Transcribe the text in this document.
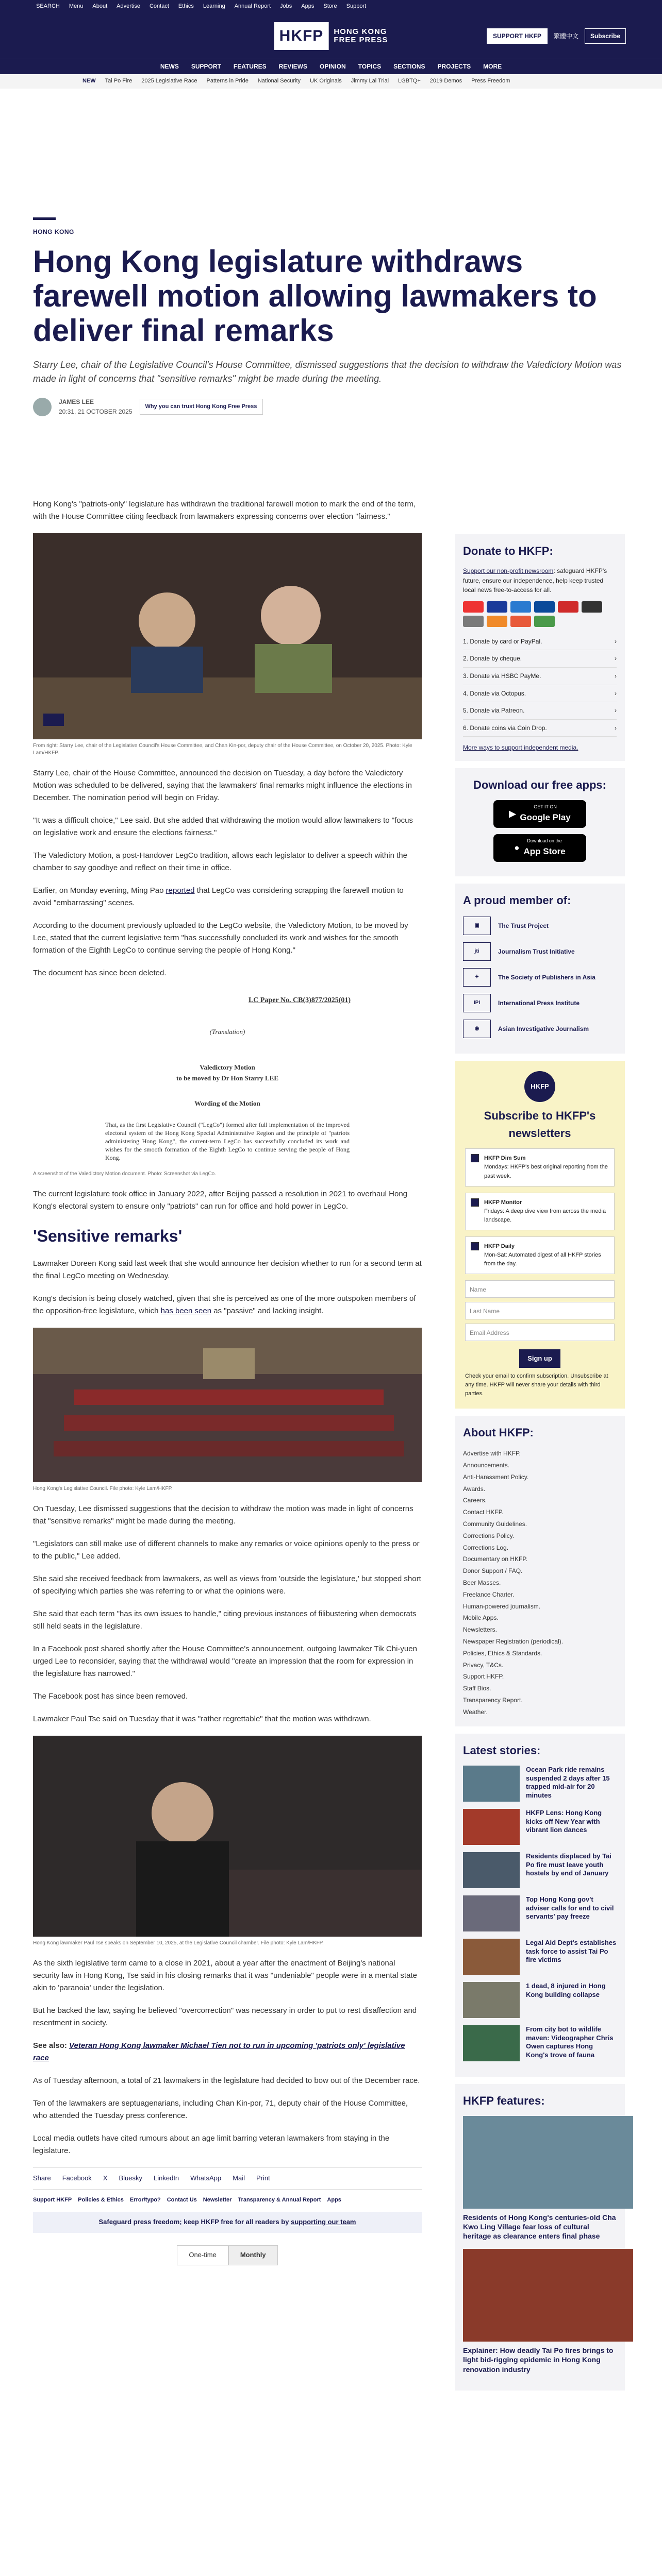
SEARCH Menu About Advertise Contact Ethics Learning Annual Report Jobs Apps Store Support
HKFP	HONG KONG
FREE PRESS	SUPPORT HKFP	繁體中文	Subscribe
NEWS SUPPORT FEATURES REVIEWS OPINION TOPICS SECTIONS PROJECTS MORE
NEW Tai Po Fire 2025 Legislative Race Patterns in Pride National Security UK Originals Jimmy Lai Trial LGBTQ+ 2019 Demos Press Freedom
HONG KONG
Hong Kong legislature withdraws farewell motion allowing lawmakers to deliver final remarks

Starry Lee, chair of the Legislative Council's House Committee, dismissed suggestions that the decision to withdraw the Valedictory Motion was made in light of concerns that "sensitive remarks" might be made during the meeting.

JAMES LEE
20:31, 21 OCTOBER 2025
Why you can trust Hong Kong Free Press

Hong Kong's "patriots-only" legislature has withdrawn the traditional farewell motion to mark the end of the term, with the House Committee citing feedback from lawmakers expressing concerns over election "fairness."

From right: Starry Lee, chair of the Legislative Council's House Committee, and Chan Kin-por, deputy chair of the House Committee, on October 20, 2025. Photo: Kyle Lam/HKFP.

Starry Lee, chair of the House Committee, announced the decision on Tuesday, a day before the Valedictory Motion was scheduled to be delivered, saying that the lawmakers' final remarks might influence the elections in December. The nomination period will begin on Friday.

"It was a difficult choice," Lee said. But she added that withdrawing the motion would allow lawmakers to "focus on legislative work and ensure the elections fairness."

The Valedictory Motion, a post-Handover LegCo tradition, allows each legislator to deliver a speech within the chamber to say goodbye and reflect on their time in office.

Earlier, on Monday evening, Ming Pao reported that LegCo was considering scrapping the farewell motion to avoid "embarrassing" scenes.

According to the document previously uploaded to the LegCo website, the Valedictory Motion, to be moved by Lee, stated that the current legislative term "has successfully concluded its work and wishes for the smooth formation of the Eighth LegCo to continue serving the people of Hong Kong."

The document has since been deleted.

LC Paper No. CB(3)877/2025(01)
(Translation)
Valedictory Motion
to be moved by Dr Hon Starry LEE
Wording of the Motion
That, as the first Legislative Council ("LegCo") formed after full implementation of the improved electoral system of the Hong Kong Special Administrative Region and the principle of "patriots administering Hong Kong", the current-term LegCo has successfully concluded its work and wishes for the smooth formation of the Eighth LegCo to continue serving the people of Hong Kong.

A screenshot of the Valedictory Motion document. Photo: Screenshot via LegCo.

The current legislature took office in January 2022, after Beijing passed a resolution in 2021 to overhaul Hong Kong's electoral system to ensure only "patriots" can run for office and hold power in LegCo.

'Sensitive remarks'

Lawmaker Doreen Kong said last week that she would announce her decision whether to run for a second term at the final LegCo meeting on Wednesday.

Kong's decision is being closely watched, given that she is perceived as one of the more outspoken members of the opposition-free legislature, which has been seen as "passive" and lacking insight.

Hong Kong's Legislative Council. File photo: Kyle Lam/HKFP.

On Tuesday, Lee dismissed suggestions that the decision to withdraw the motion was made in light of concerns that "sensitive remarks" might be made during the meeting.

"Legislators can still make use of different channels to make any remarks or voice opinions openly to the press or to the public," Lee added.

She said she received feedback from lawmakers, as well as views from 'outside the legislature,' but stopped short of specifying which parties she was referring to or what the opinions were.

She said that each term "has its own issues to handle," citing previous instances of filibustering when democrats still held seats in the legislature.

In a Facebook post shared shortly after the House Committee's announcement, outgoing lawmaker Tik Chi-yuen urged Lee to reconsider, saying that the withdrawal would "create an impression that the room for expression in the legislature has narrowed."

The Facebook post has since been removed.

Lawmaker Paul Tse said on Tuesday that it was "rather regrettable" that the motion was withdrawn.

Hong Kong lawmaker Paul Tse speaks on September 10, 2025, at the Legislative Council chamber. File photo: Kyle Lam/HKFP.

As the sixth legislative term came to a close in 2021, about a year after the enactment of Beijing's national security law in Hong Kong, Tse said in his closing remarks that it was "undeniable" people were in a mental state akin to 'paranoia' under the legislation.

But he backed the law, saying he believed "overcorrection" was necessary in order to put to rest disaffection and resentment in society.

See also: Veteran Hong Kong lawmaker Michael Tien not to run in upcoming 'patriots only' legislative race

As of Tuesday afternoon, a total of 21 lawmakers in the legislature had decided to bow out of the December race.

Ten of the lawmakers are septuagenarians, including Chan Kin-por, 71, deputy chair of the House Committee, who attended the Tuesday press conference.

Local media outlets have cited rumours about an age limit barring veteran lawmakers from staying in the legislature.

Share Facebook X Bluesky LinkedIn WhatsApp Mail Print
Support HKFP Policies & Ethics Error/typo? Contact Us Newsletter Transparency & Annual Report Apps
Safeguard press freedom; keep HKFP free for all readers by supporting our team
One-time	Monthly
Donate to HKFP:

Support our non-profit newsroom: safeguard HKFP's future, ensure our independence, help keep trusted local news free-to-access for all.

1. Donate by card or PayPal.	›
2. Donate by cheque.	›
3. Donate via HSBC PayMe.	›
4. Donate via Octopus.	›
5. Donate via Patreon.	›
6. Donate coins via Coin Drop.	›

More ways to support independent media.

Download our free apps:
▶
GET IT ON
Google Play
●
Download on the
App Store
A proud member of:
▣	The Trust Project
jti	Journalism Trust Initiative
✦	The Society of Publishers in Asia
IPI	International Press Institute
◉	Asian Investigative Journalism
HKFP
Subscribe to HKFP's newsletters
HKFP Dim Sum
Mondays: HKFP's best original reporting from the past week.
HKFP Monitor
Fridays: A deep dive view from across the media landscape.
HKFP Daily
Mon-Sat: Automated digest of all HKFP stories from the day.
Name
Last Name
Email Address
Sign up

Check your email to confirm subscription. Unsubscribe at any time. HKFP will never share your details with third parties.

About HKFP:
Advertise with HKFP.
Announcements.
Anti-Harassment Policy.
Awards.
Careers.
Contact HKFP.
Community Guidelines.
Corrections Policy.
Corrections Log.
Documentary on HKFP.
Donor Support / FAQ.
Beer Masses.
Freelance Charter.
Human-powered journalism.
Mobile Apps.
Newsletters.
Newspaper Registration (periodical).
Policies, Ethics & Standards.
Privacy, T&Cs.
Support HKFP.
Staff Bios.
Transparency Report.
Weather.
Latest stories:
Ocean Park ride remains suspended 2 days after 15 trapped mid-air for 20 minutes
HKFP Lens: Hong Kong kicks off New Year with vibrant lion dances
Residents displaced by Tai Po fire must leave youth hostels by end of January
Top Hong Kong gov't adviser calls for end to civil servants' pay freeze
Legal Aid Dept's establishes task force to assist Tai Po fire victims
1 dead, 8 injured in Hong Kong building collapse
From city bot to wildlife maven: Videographer Chris Owen captures Hong Kong's trove of fauna
HKFP features:
Residents of Hong Kong's centuries-old Cha Kwo Ling Village fear loss of cultural heritage as clearance enters final phase
Explainer: How deadly Tai Po fires brings to light bid-rigging epidemic in Hong Kong renovation industry
